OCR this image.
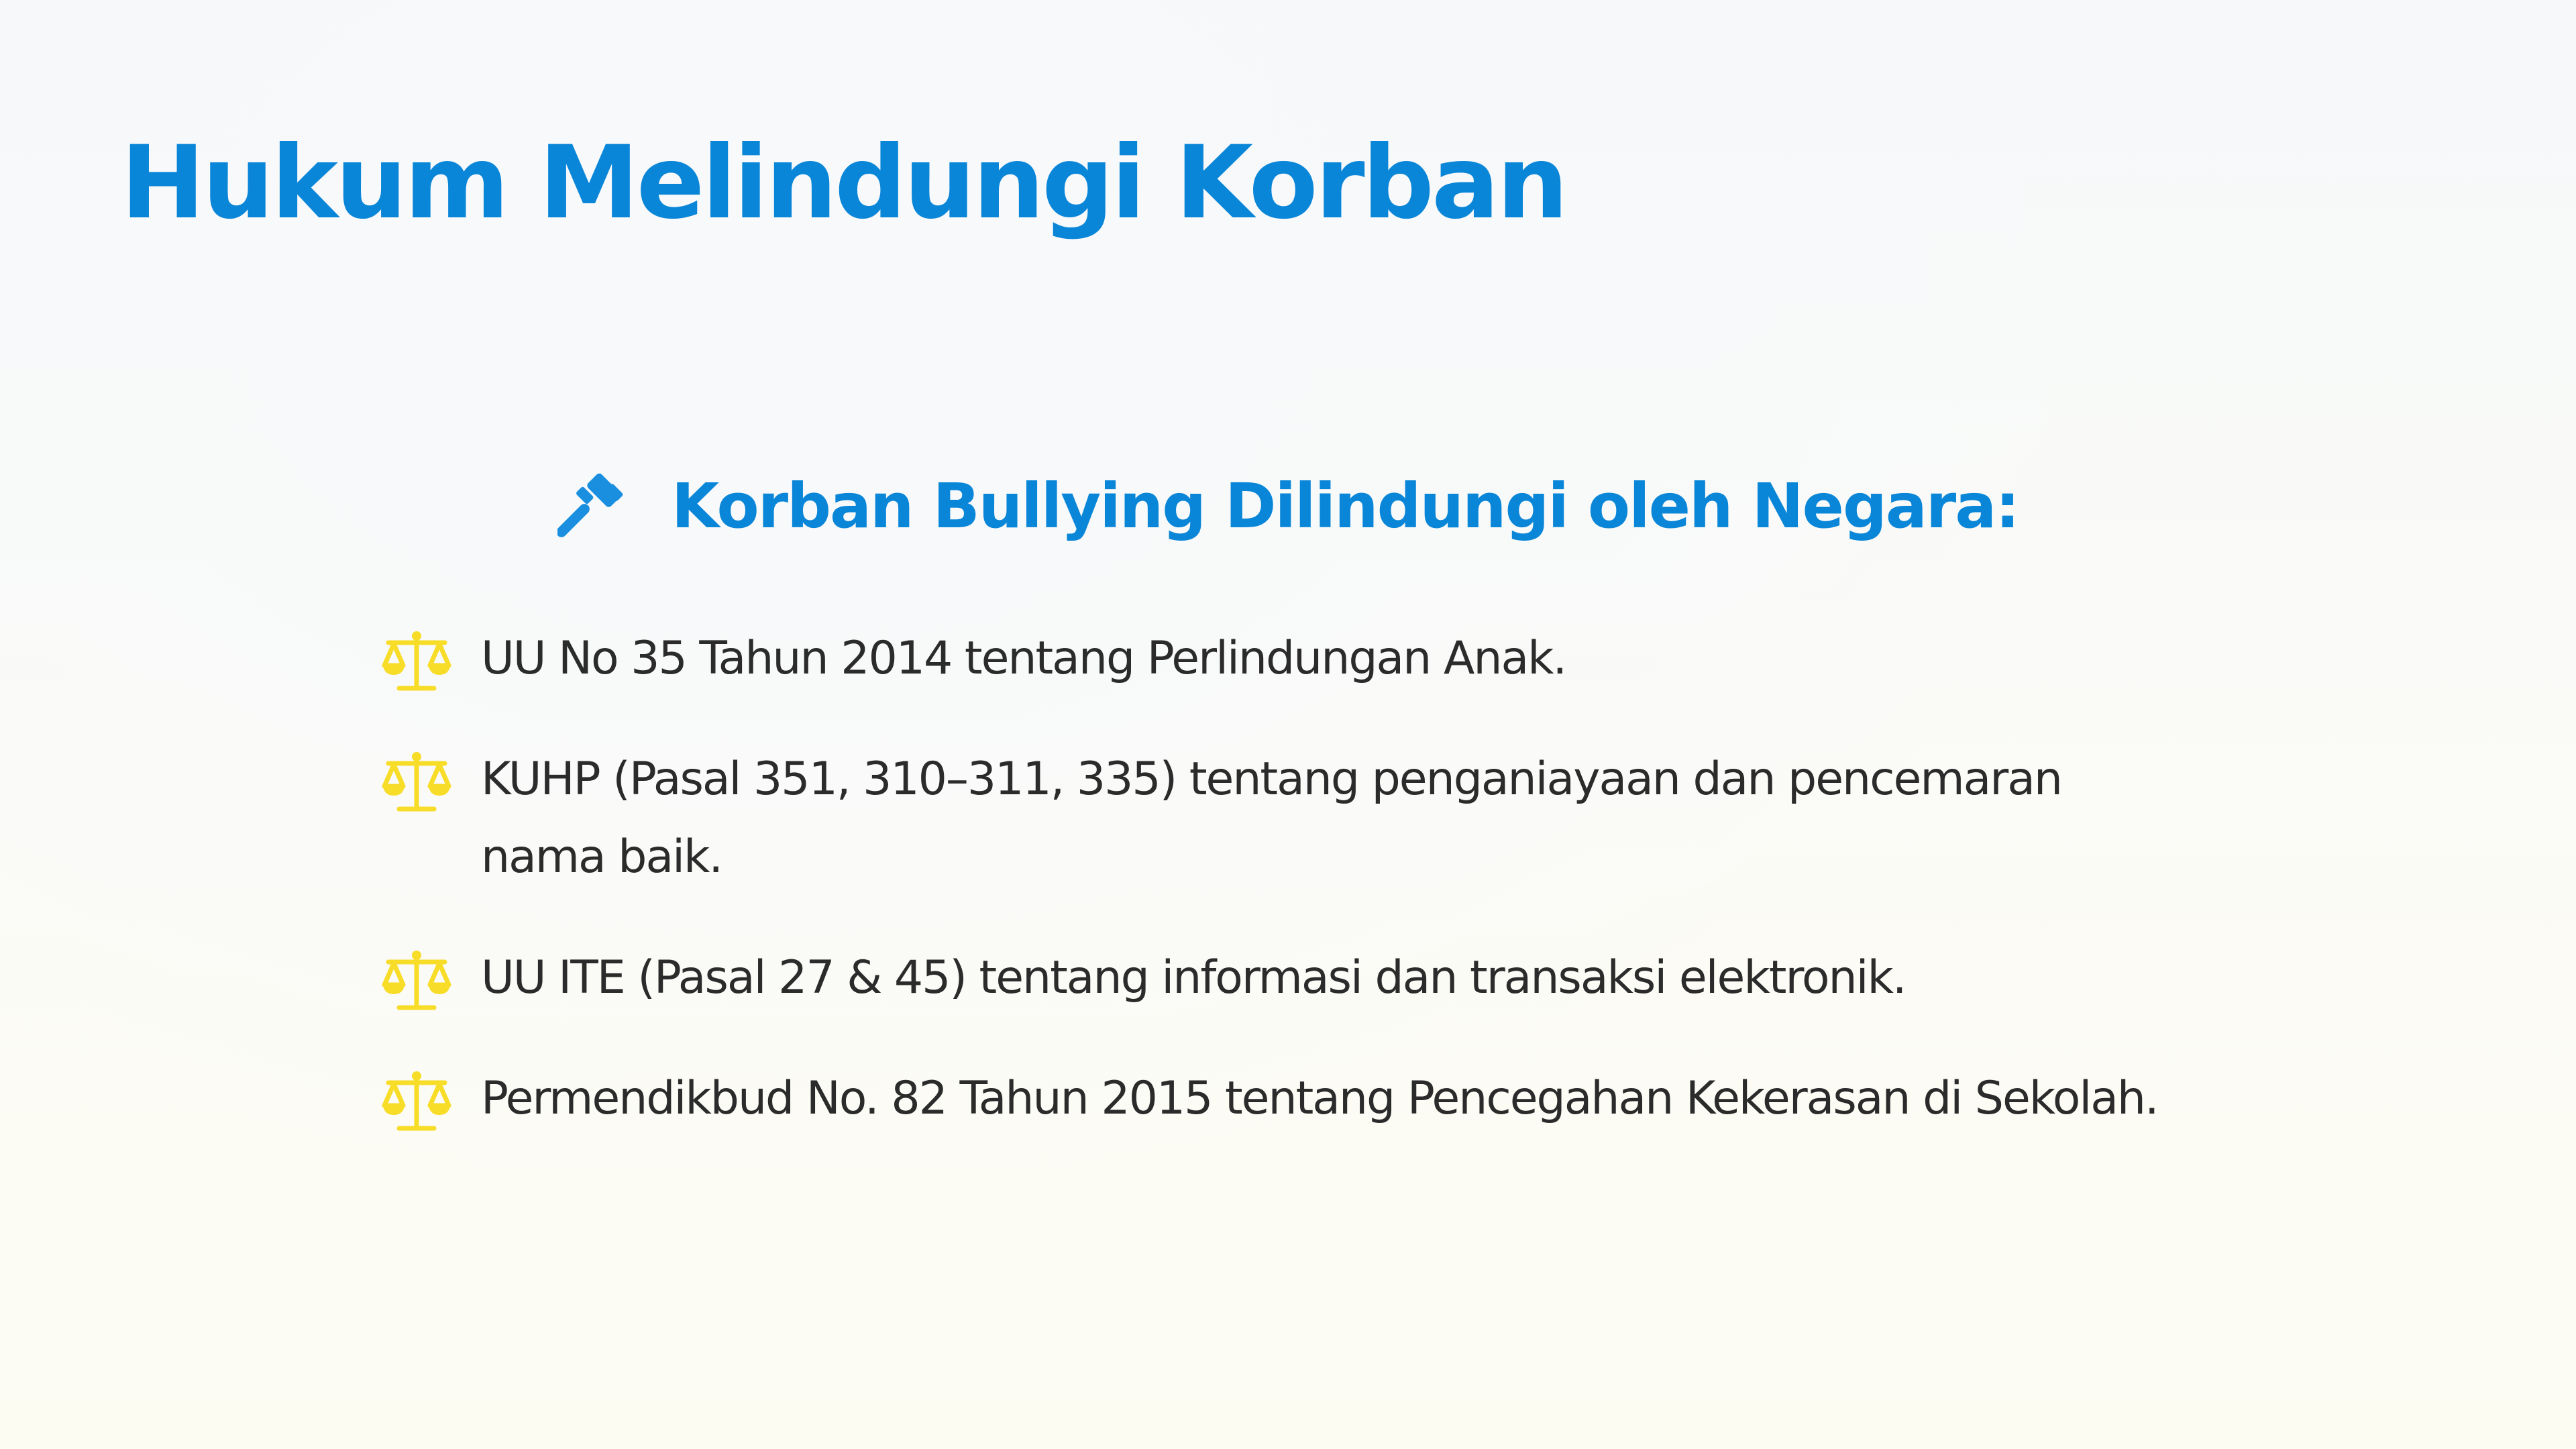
Hukum Melindungi Korban
Korban Bullying Dilindungi oleh Negara:
UU No 35 Tahun 2014 tentang Perlindungan Anak.
KUHP (Pasal 351, 310–311, 335) tentang penganiayaan dan pencemaran nama baik.
UU ITE (Pasal 27 & 45) tentang informasi dan transaksi elektronik.
Permendikbud No. 82 Tahun 2015 tentang Pencegahan Kekerasan di Sekolah.
